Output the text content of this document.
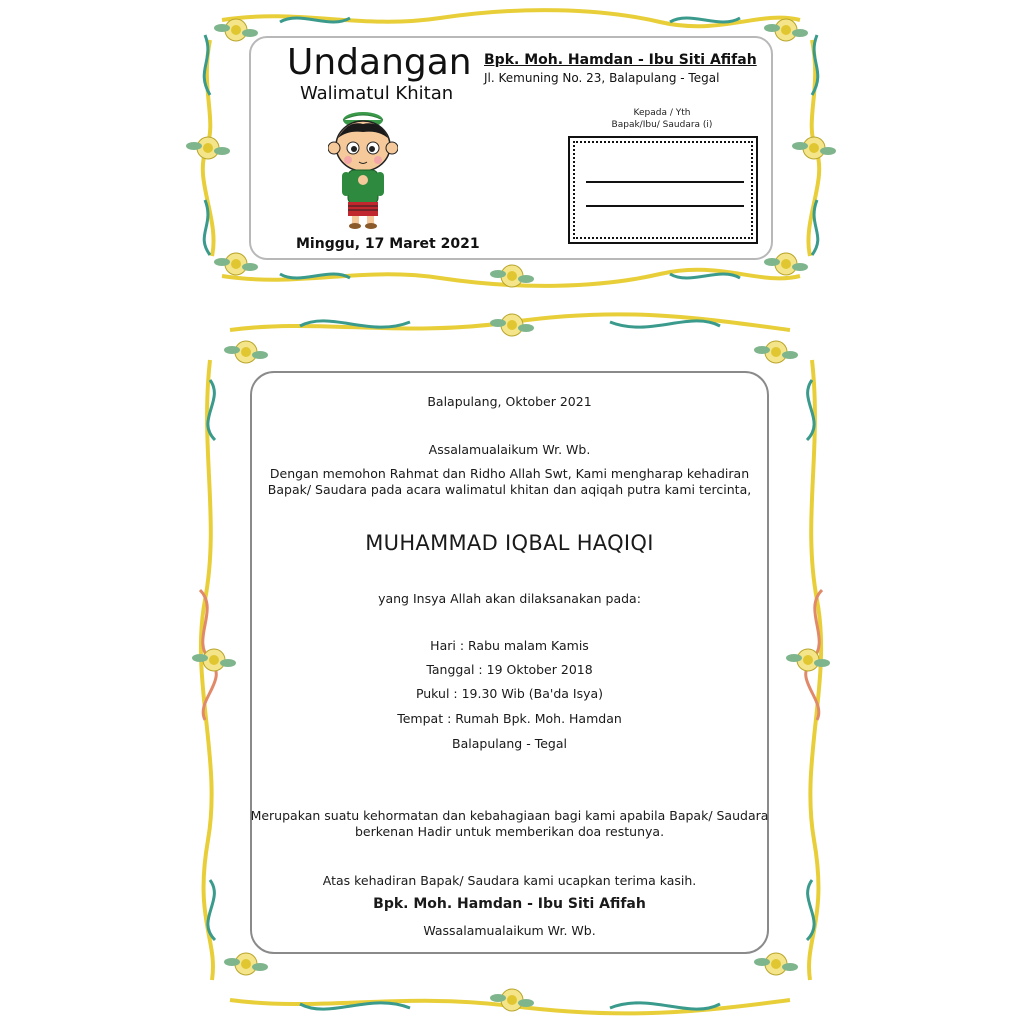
Undangan
Walimatul Khitan
Minggu, 17 Maret 2021
Bpk. Moh. Hamdan - Ibu Siti Afifah
Jl. Kemuning No. 23, Balapulang - Tegal
Kepada / Yth
Bapak/Ibu/ Saudara (i)
Balapulang, Oktober 2021
Assalamualaikum Wr. Wb.
Dengan memohon Rahmat dan Ridho Allah Swt, Kami mengharap kehadiran
Bapak/ Saudara pada acara walimatul khitan dan aqiqah putra kami tercinta,
MUHAMMAD IQBAL HAQIQI
yang Insya Allah akan dilaksanakan pada:
Hari : Rabu malam Kamis
Tanggal : 19 Oktober 2018
Pukul : 19.30 Wib (Ba'da Isya)
Tempat : Rumah Bpk. Moh. Hamdan
Balapulang - Tegal
Merupakan suatu kehormatan dan kebahagiaan bagi kami apabila Bapak/ Saudara
berkenan Hadir untuk memberikan doa restunya.
Atas kehadiran Bapak/ Saudara kami ucapkan terima kasih.
Bpk. Moh. Hamdan - Ibu Siti Afifah
Wassalamualaikum Wr. Wb.
